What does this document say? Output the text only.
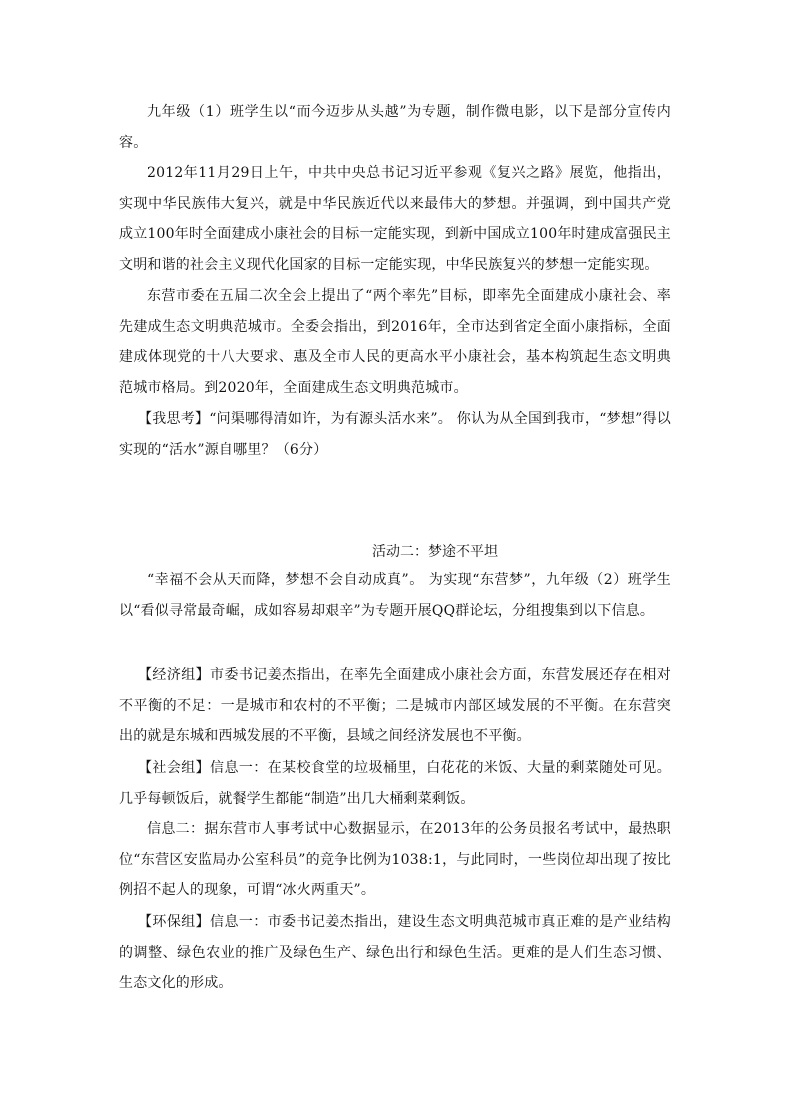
九年级（1）班学生以“而今迈步从头越”为专题，制作微电影，以下是部分宣传内容。

2012年11月29日上午，中共中央总书记习近平参观《复兴之路》展览，他指出，实现中华民族伟大复兴，就是中华民族近代以来最伟大的梦想。并强调，到中国共产党成立100年时全面建成小康社会的目标一定能实现，到新中国成立100年时建成富强民主文明和谐的社会主义现代化国家的目标一定能实现，中华民族复兴的梦想一定能实现。

东营市委在五届二次全会上提出了“两个率先”目标，即率先全面建成小康社会、率先建成生态文明典范城市。全委会指出，到2016年，全市达到省定全面小康指标，全面建成体现党的十八大要求、惠及全市人民的更高水平小康社会，基本构筑起生态文明典范城市格局。到2020年，全面建成生态文明典范城市。

【我思考】“问渠哪得清如许，为有源头活水来”。 你认为从全国到我市，“梦想”得以实现的“活水”源自哪里？（6分）

活动二：梦途不平坦

“幸福不会从天而降，梦想不会自动成真”。 为实现“东营梦”，九年级（2）班学生以“看似寻常最奇崛，成如容易却艰辛”为专题开展QQ群论坛，分组搜集到以下信息。

【经济组】市委书记姜杰指出，在率先全面建成小康社会方面，东营发展还存在相对不平衡的不足：一是城市和农村的不平衡；二是城市内部区域发展的不平衡。在东营突出的就是东城和西城发展的不平衡，县域之间经济发展也不平衡。

【社会组】信息一：在某校食堂的垃圾桶里，白花花的米饭、大量的剩菜随处可见。几乎每顿饭后，就餐学生都能“制造”出几大桶剩菜剩饭。

信息二：据东营市人事考试中心数据显示，在2013年的公务员报名考试中，最热职位“东营区安监局办公室科员”的竞争比例为1038:1，与此同时，一些岗位却出现了按比例招不起人的现象，可谓“冰火两重天”。

【环保组】信息一：市委书记姜杰指出，建设生态文明典范城市真正难的是产业结构的调整、绿色农业的推广及绿色生产、绿色出行和绿色生活。更难的是人们生态习惯、生态文化的形成。
